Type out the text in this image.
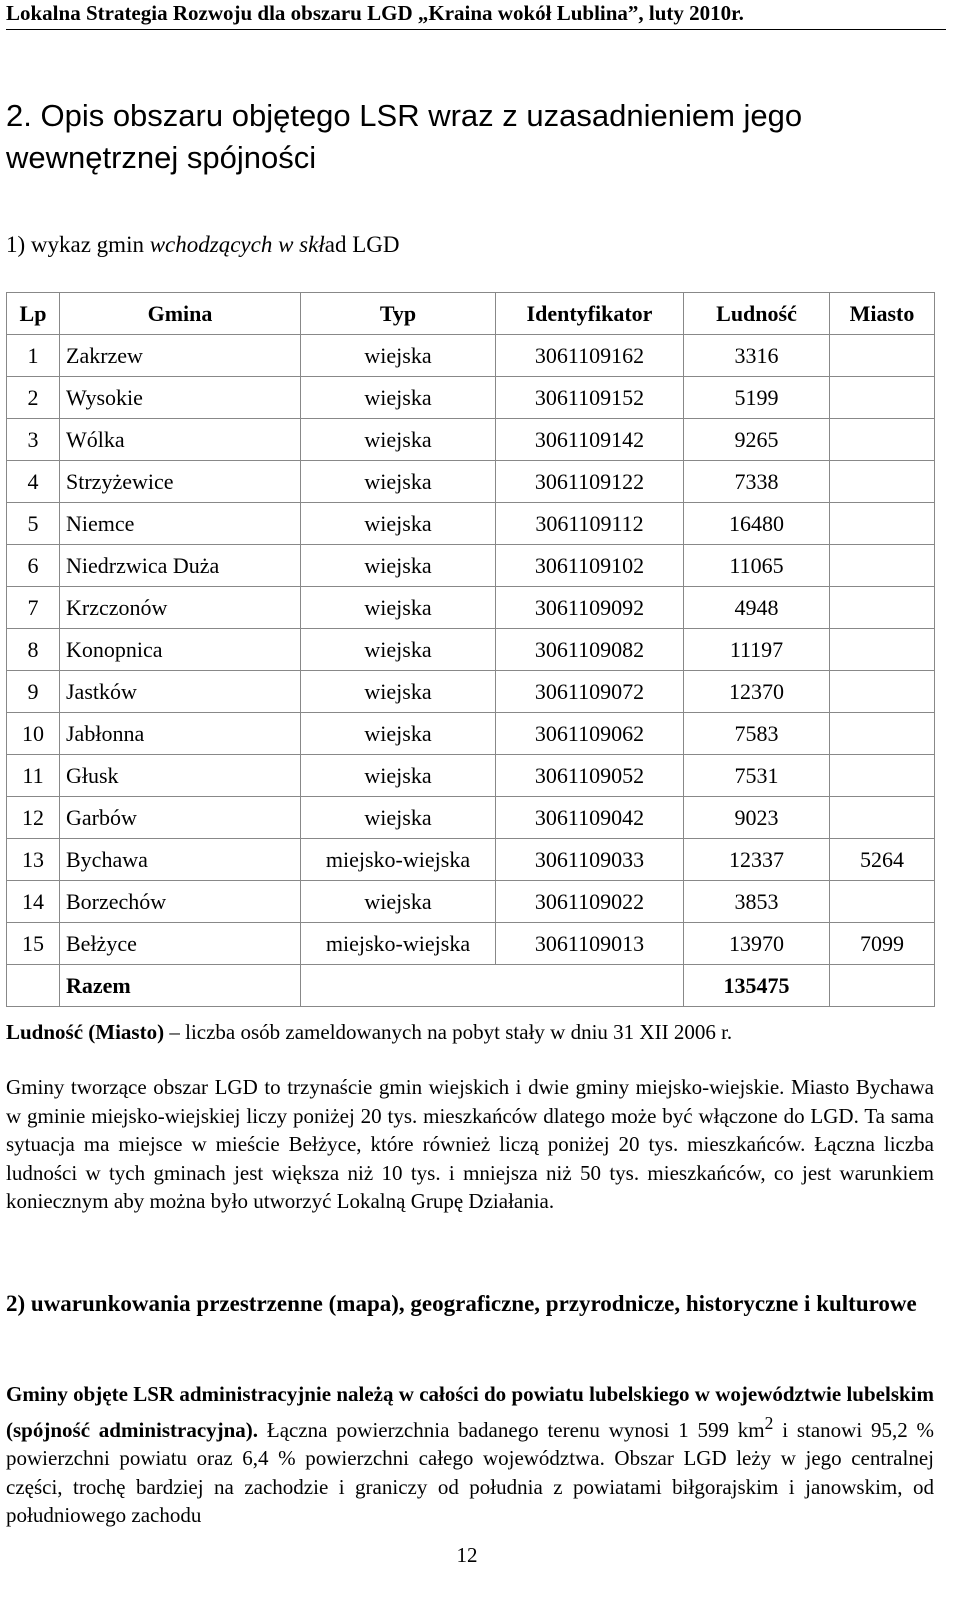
Lokalna Strategia Rozwoju dla obszaru LGD „Kraina wokół Lublina”, luty 2010r.
2. Opis obszaru objętego LSR wraz z uzasadnieniem jego wewnętrznej spójności
1) wykaz gmin wchodzących w skład LGD
Lp	Gmina	Typ	Identyfikator	Ludność	Miasto
1	Zakrzew	wiejska	3061109162	3316	
2	Wysokie	wiejska	3061109152	5199	
3	Wólka	wiejska	3061109142	9265	
4	Strzyżewice	wiejska	3061109122	7338	
5	Niemce	wiejska	3061109112	16480	
6	Niedrzwica Duża	wiejska	3061109102	11065	
7	Krzczonów	wiejska	3061109092	4948	
8	Konopnica	wiejska	3061109082	11197	
9	Jastków	wiejska	3061109072	12370	
10	Jabłonna	wiejska	3061109062	7583	
11	Głusk	wiejska	3061109052	7531	
12	Garbów	wiejska	3061109042	9023	
13	Bychawa	miejsko-wiejska	3061109033	12337	5264
14	Borzechów	wiejska	3061109022	3853	
15	Bełżyce	miejsko-wiejska	3061109013	13970	7099
	Razem			135475	
Ludność (Miasto) – liczba osób zameldowanych na pobyt stały w dniu 31 XII 2006 r.
Gminy tworzące obszar LGD to trzynaście gmin wiejskich i dwie gminy miejsko-wiejskie. Miasto Bychawa w gminie miejsko-wiejskiej liczy poniżej 20 tys. mieszkańców dlatego może być włączone do LGD. Ta sama sytuacja ma miejsce w mieście Bełżyce, które również liczą poniżej 20 tys. mieszkańców. Łączna liczba ludności w tych gminach jest większa niż 10 tys. i mniejsza niż 50 tys. mieszkańców, co jest warunkiem koniecznym aby można było utworzyć Lokalną Grupę Działania.
2) uwarunkowania przestrzenne (mapa), geograficzne, przyrodnicze, historyczne i kulturowe
Gminy objęte LSR administracyjnie należą w całości do powiatu lubelskiego w województwie lubelskim (spójność administracyjna). Łączna powierzchnia badanego terenu wynosi 1 599 $km^2$ i stanowi 95,2 % powierzchni powiatu oraz 6,4 % powierzchni całego województwa. Obszar LGD leży w jego centralnej części, trochę bardziej na zachodzie i graniczy od południa z powiatami biłgorajskim i janowskim, od południowego zachodu
12
